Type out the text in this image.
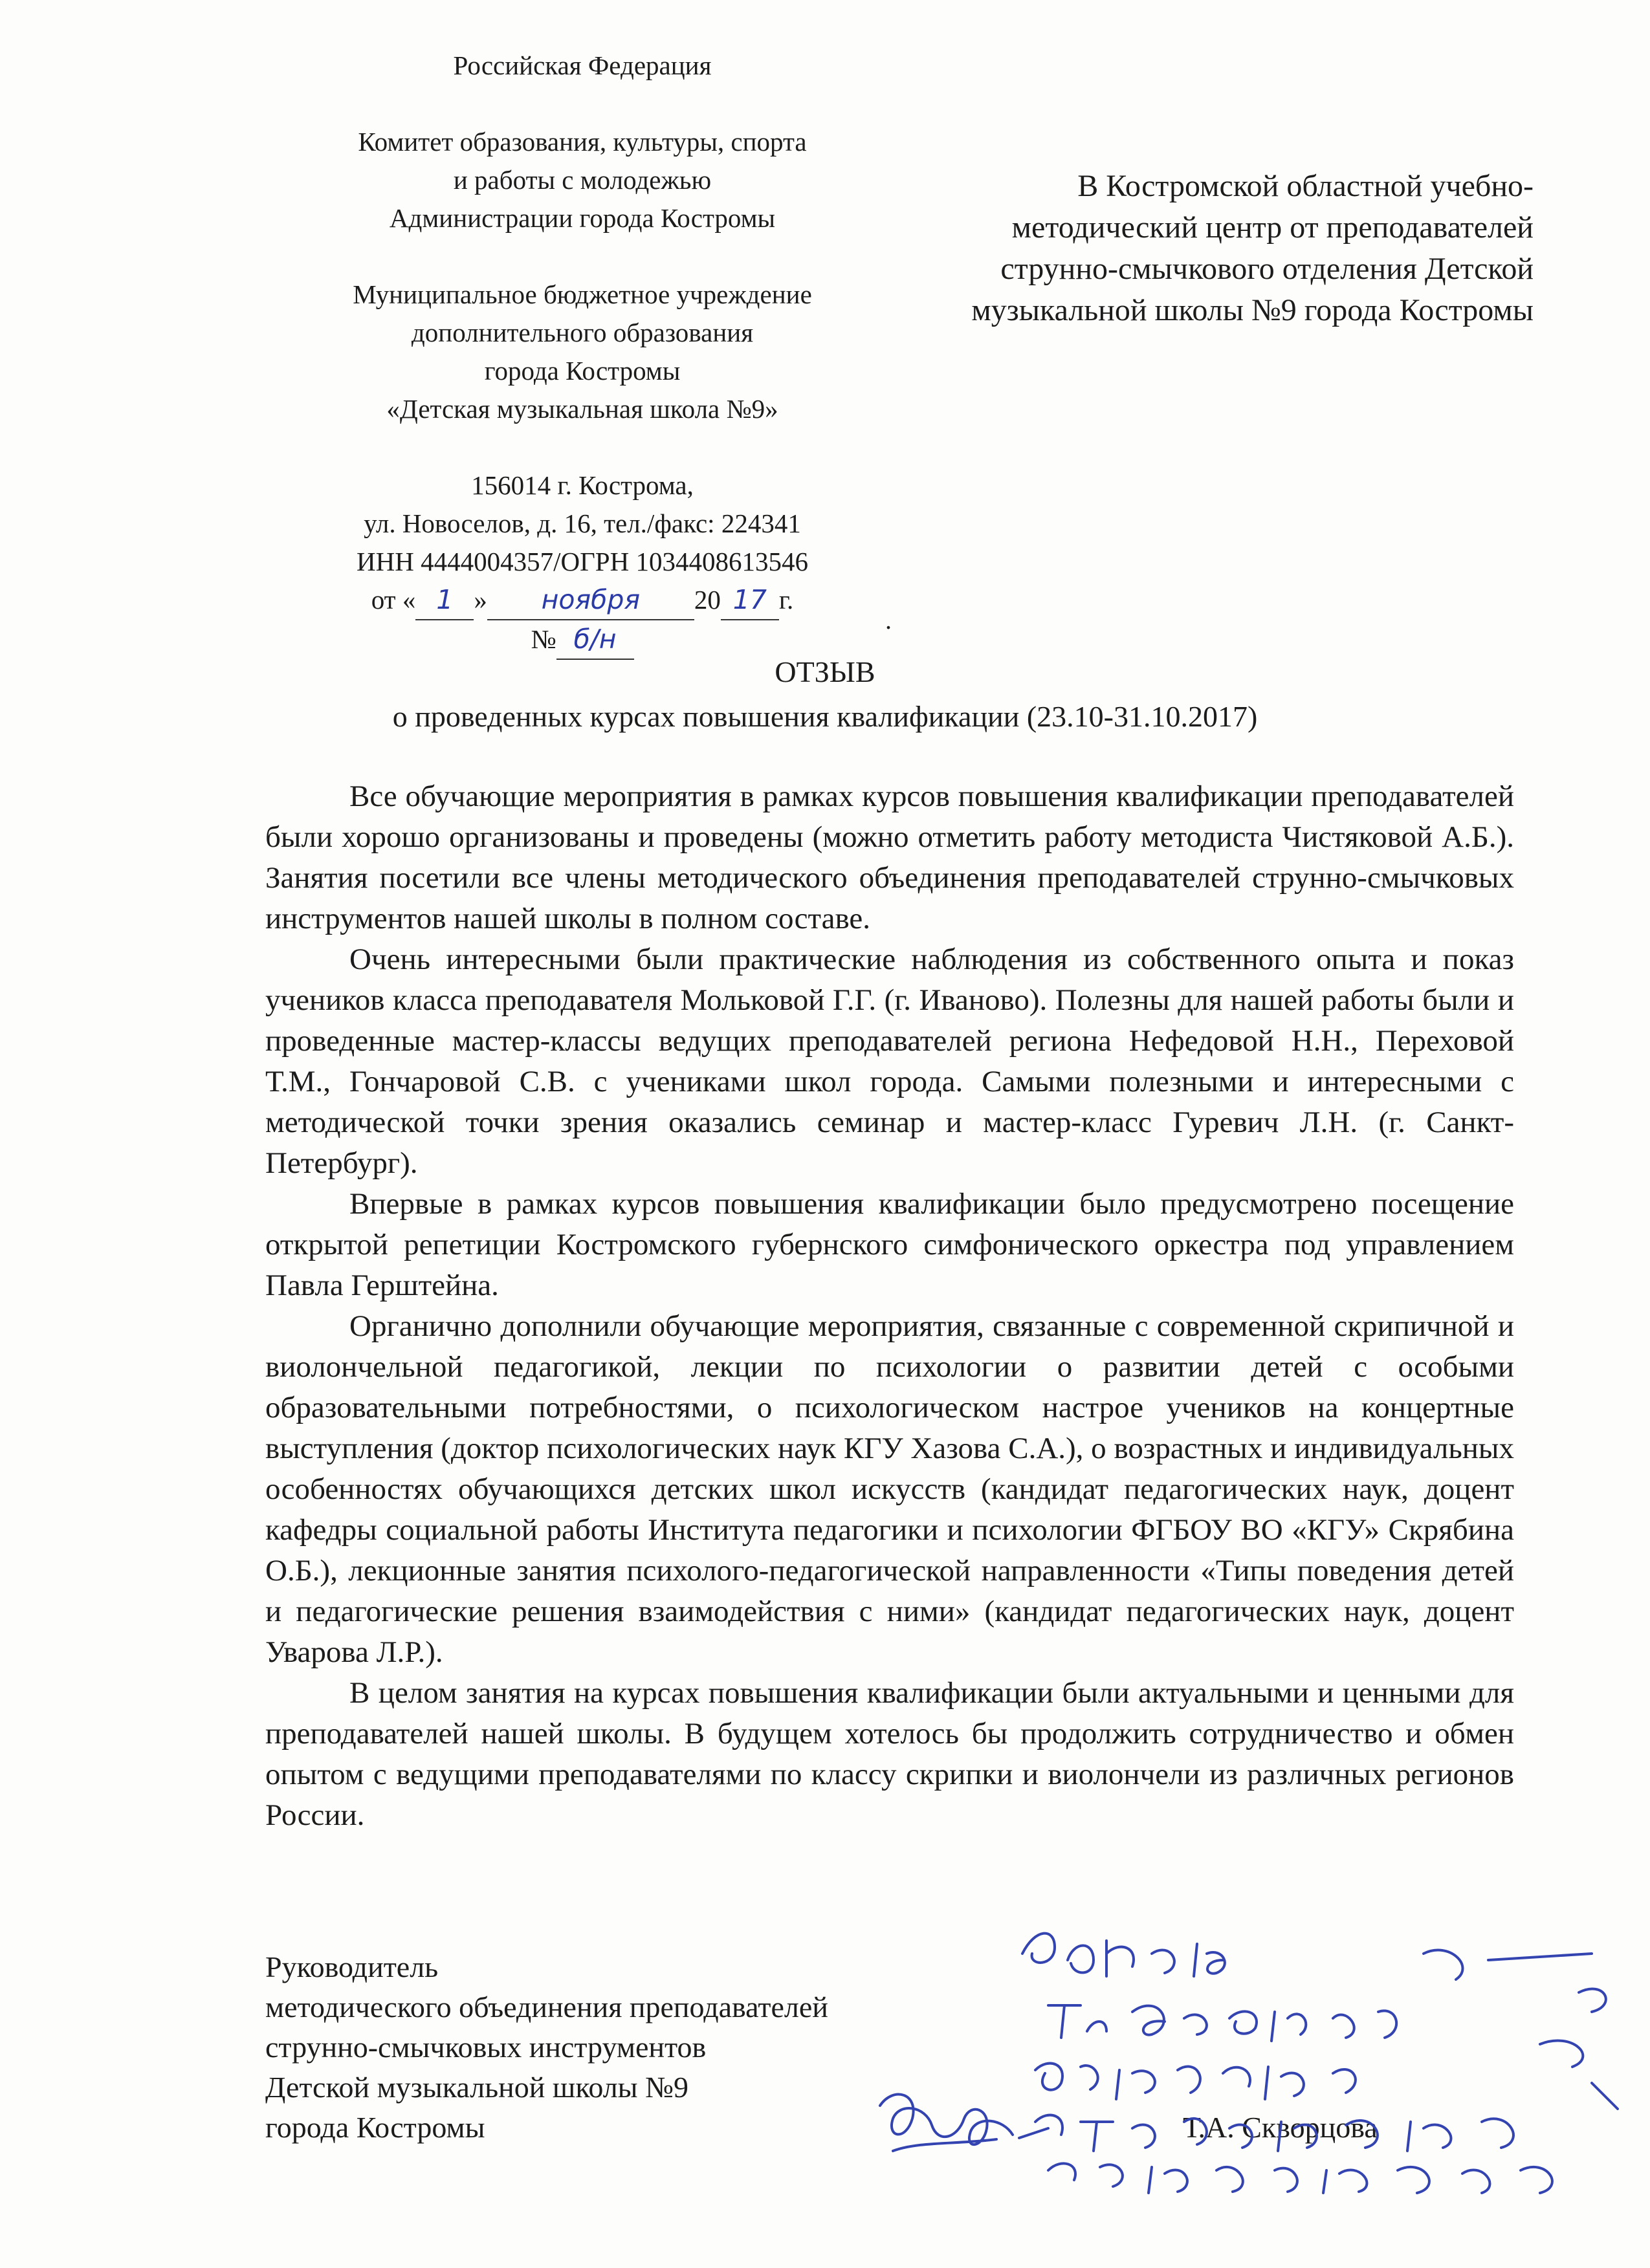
Российская Федерация
Комитет образования, культуры, спорта
и работы с молодежью
Администрации города Костромы
Муниципальное бюджетное учреждение
дополнительного образования
города Костромы
«Детская музыкальная школа №9»
156014 г. Кострома,
ул. Новоселов, д. 16, тел./факс: 224341
ИНН 4444004357/ОГРН 1034408613546
от « 1 » ноября 20 17 г.
№ б/н
В Костромской областной учебно-
методический центр от преподавателей
струнно-смычкового отделения Детской
музыкальной школы №9 города Костромы
.
ОТЗЫВ
о проведенных курсах повышения квалификации (23.10-31.10.2017)

Все обучающие мероприятия в рамках курсов повышения квалификации преподавателей были хорошо организованы и проведены (можно отметить работу методиста Чистяковой А.Б.). Занятия посетили все члены методического объединения преподавателей струнно-смычковых инструментов нашей школы в полном составе.

Очень интересными были практические наблюдения из собственного опыта и показ учеников класса преподавателя Мольковой Г.Г. (г. Иваново). Полезны для нашей работы были и проведенные мастер-классы ведущих преподавателей региона Нефедовой Н.Н., Переховой Т.М., Гончаровой С.В. с учениками школ города. Самыми полезными и интересными с методической точки зрения оказались семинар и мастер-класс Гуревич Л.Н. (г. Санкт-Петербург).

Впервые в рамках курсов повышения квалификации было предусмотрено посещение открытой репетиции Костромского губернского симфонического оркестра под управлением Павла Герштейна.

Органично дополнили обучающие мероприятия, связанные с современной скрипичной и виолончельной педагогикой, лекции по психологии о развитии детей с особыми образовательными потребностями, о психологическом настрое учеников на концертные выступления (доктор психологических наук КГУ Хазова С.А.), о возрастных и индивидуальных особенностях обучающихся детских школ искусств (кандидат педагогических наук, доцент кафедры социальной работы Института педагогики и психологии ФГБОУ ВО «КГУ» Скрябина О.Б.), лекционные занятия психолого-педагогической направленности «Типы поведения детей и педагогические решения взаимодействия с ними» (кандидат педагогических наук, доцент Уварова Л.Р.).

В целом занятия на курсах повышения квалификации были актуальными и ценными для преподавателей нашей школы. В будущем хотелось бы продолжить сотрудничество и обмен опытом с ведущими преподавателями по классу скрипки и виолончели из различных регионов России.

Руководитель
методического объединения преподавателей
струнно-смычковых инструментов
Детской музыкальной школы №9
города Костромы	Т.А. Скворцова
